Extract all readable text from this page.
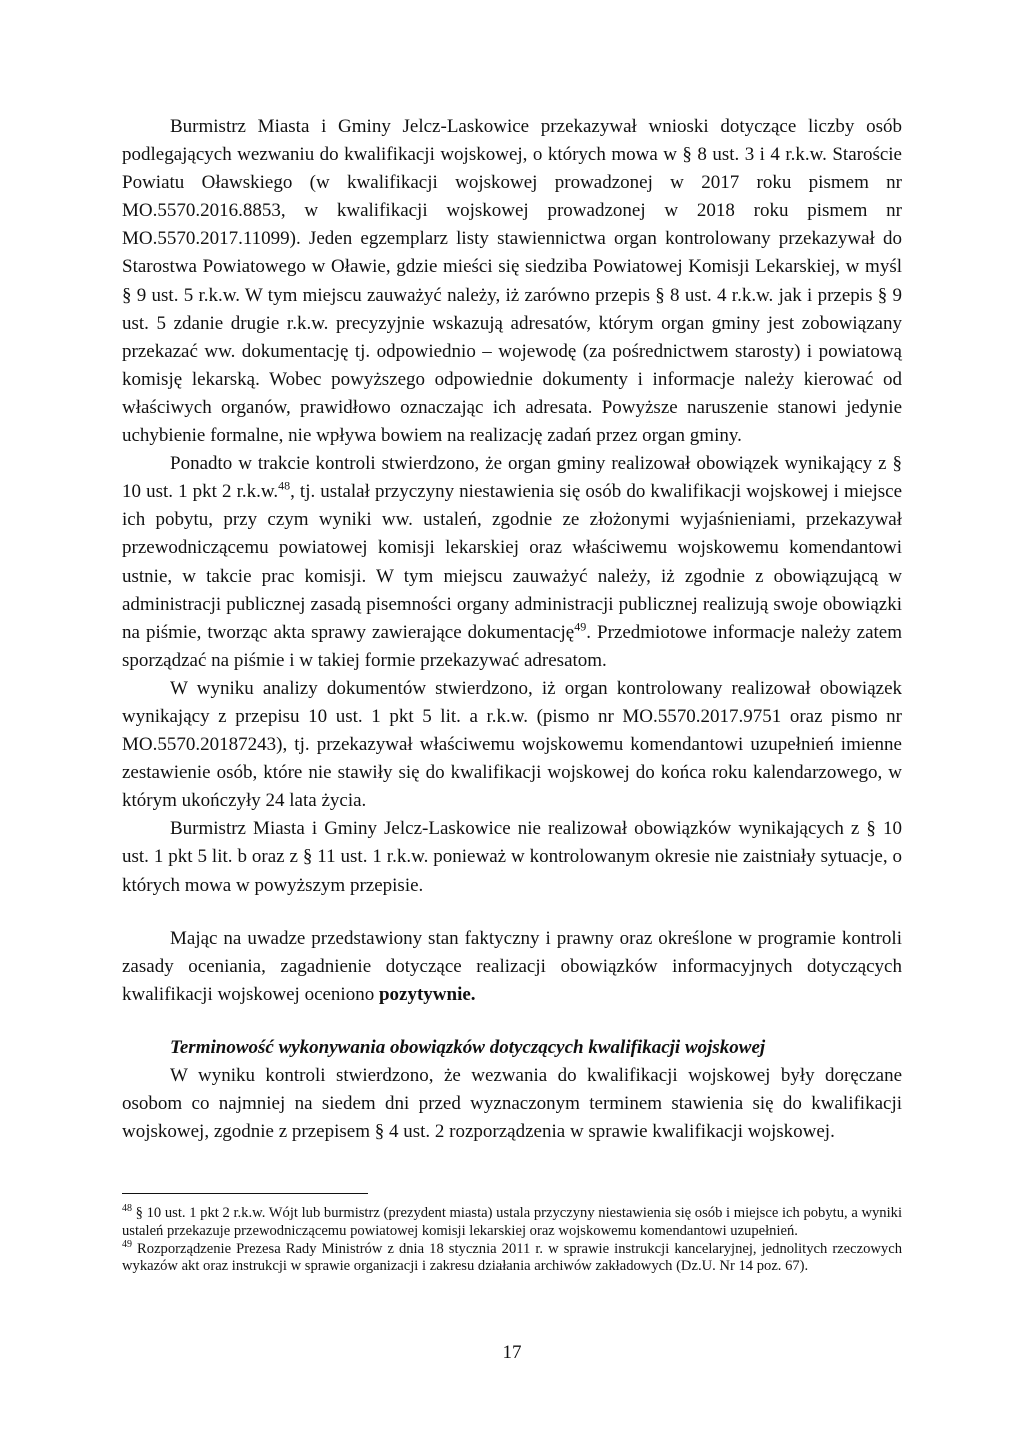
Burmistrz Miasta i Gminy Jelcz-Laskowice przekazywał wnioski dotyczące liczby osób podlegających wezwaniu do kwalifikacji wojskowej, o których mowa w § 8 ust. 3 i 4 r.k.w. Staroście Powiatu Oławskiego (w kwalifikacji wojskowej prowadzonej w 2017 roku pismem nr MO.5570.2016.8853, w kwalifikacji wojskowej prowadzonej w 2018 roku pismem nr MO.5570.2017.11099). Jeden egzemplarz listy stawiennictwa organ kontrolowany przekazywał do Starostwa Powiatowego w Oławie, gdzie mieści się siedziba Powiatowej Komisji Lekarskiej, w myśl § 9 ust. 5 r.k.w. W tym miejscu zauważyć należy, iż zarówno przepis § 8 ust. 4 r.k.w. jak i przepis § 9 ust. 5 zdanie drugie r.k.w. precyzyjnie wskazują adresatów, którym organ gminy jest zobowiązany przekazać ww. dokumentację tj. odpowiednio – wojewodę (za pośrednictwem starosty) i powiatową komisję lekarską. Wobec powyższego odpowiednie dokumenty i informacje należy kierować od właściwych organów, prawidłowo oznaczając ich adresata. Powyższe naruszenie stanowi jedynie uchybienie formalne, nie wpływa bowiem na realizację zadań przez organ gminy.

Ponadto w trakcie kontroli stwierdzono, że organ gminy realizował obowiązek wynikający z § 10 ust. 1 pkt 2 r.k.w.$^{48}$, tj. ustalał przyczyny niestawienia się osób do kwalifikacji wojskowej i miejsce ich pobytu, przy czym wyniki ww. ustaleń, zgodnie ze złożonymi wyjaśnieniami, przekazywał przewodniczącemu powiatowej komisji lekarskiej oraz właściwemu wojskowemu komendantowi ustnie, w takcie prac komisji. W tym miejscu zauważyć należy, iż zgodnie z obowiązującą w administracji publicznej zasadą pisemności organy administracji publicznej realizują swoje obowiązki na piśmie, tworząc akta sprawy zawierające dokumentację$^{49}$. Przedmiotowe informacje należy zatem sporządzać na piśmie i w takiej formie przekazywać adresatom.

W wyniku analizy dokumentów stwierdzono, iż organ kontrolowany realizował obowiązek wynikający z przepisu 10 ust. 1 pkt 5 lit. a r.k.w. (pismo nr MO.5570.2017.9751 oraz pismo nr MO.5570.20187243), tj. przekazywał właściwemu wojskowemu komendantowi uzupełnień imienne zestawienie osób, które nie stawiły się do kwalifikacji wojskowej do końca roku kalendarzowego, w którym ukończyły 24 lata życia.

Burmistrz Miasta i Gminy Jelcz-Laskowice nie realizował obowiązków wynikających z § 10 ust. 1 pkt 5 lit. b oraz z § 11 ust. 1 r.k.w. ponieważ w kontrolowanym okresie nie zaistniały sytuacje, o których mowa w powyższym przepisie.

Mając na uwadze przedstawiony stan faktyczny i prawny oraz określone w programie kontroli zasady oceniania, zagadnienie dotyczące realizacji obowiązków informacyjnych dotyczących kwalifikacji wojskowej oceniono pozytywnie.

Terminowość wykonywania obowiązków dotyczących kwalifikacji wojskowej

W wyniku kontroli stwierdzono, że wezwania do kwalifikacji wojskowej były doręczane osobom co najmniej na siedem dni przed wyznaczonym terminem stawienia się do kwalifikacji wojskowej, zgodnie z przepisem § 4 ust. 2 rozporządzenia w sprawie kwalifikacji wojskowej.

$^{48}$ § 10 ust. 1 pkt 2 r.k.w. Wójt lub burmistrz (prezydent miasta) ustala przyczyny niestawienia się osób i miejsce ich pobytu, a wyniki ustaleń przekazuje przewodniczącemu powiatowej komisji lekarskiej oraz wojskowemu komendantowi uzupełnień.

$^{49}$ Rozporządzenie Prezesa Rady Ministrów z dnia 18 stycznia 2011 r. w sprawie instrukcji kancelaryjnej, jednolitych rzeczowych wykazów akt oraz instrukcji w sprawie organizacji i zakresu działania archiwów zakładowych (Dz.U. Nr 14 poz. 67).

17
